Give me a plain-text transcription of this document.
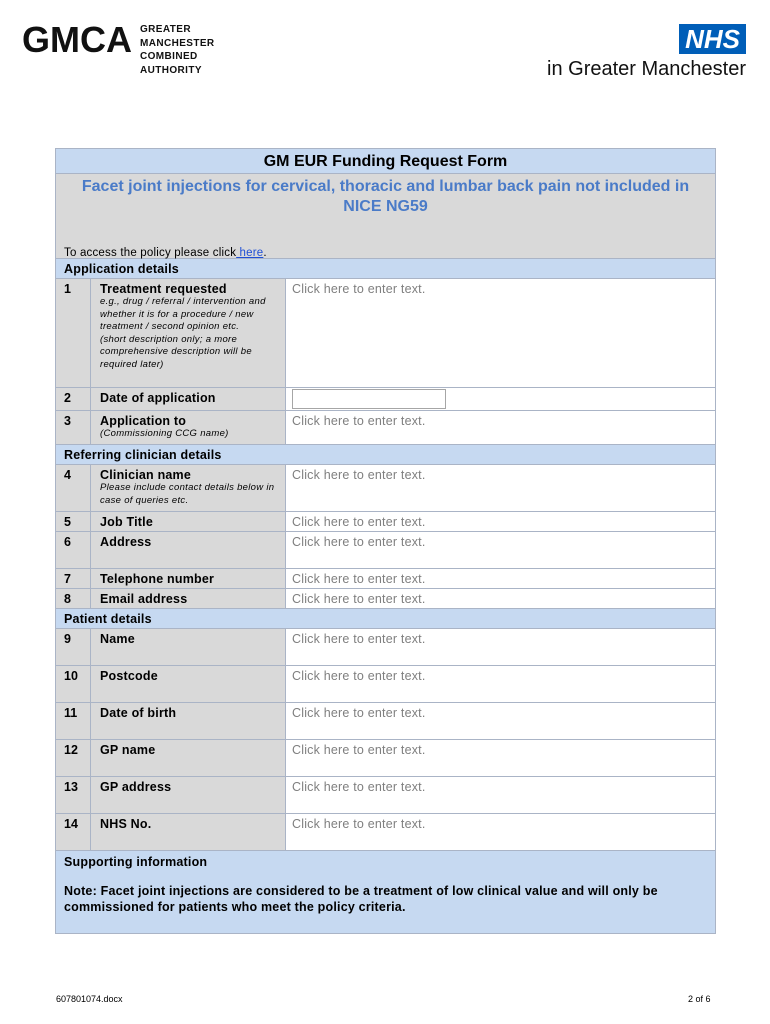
GMCA GREATER
MANCHESTER
COMBINED
AUTHORITY
NHS
in Greater Manchester
GM EUR Funding Request Form
Facet joint injections for cervical, thoracic and lumbar back pain not included in NICE NG59
To access the policy please click here.
Application details
1	Treatment requested
e.g., drug / referral / intervention and whether it is for a procedure / new treatment / second opinion etc.
(short description only; a more comprehensive description will be required later)
Click here to enter text.
2	Date of application
3	Application to
(Commissioning CCG name)
Click here to enter text.
Referring clinician details
4	Clinician name
Please include contact details below in case of queries etc.
Click here to enter text.
5	Job Title	Click here to enter text.
6	Address	Click here to enter text.
7	Telephone number	Click here to enter text.
8	Email address	Click here to enter text.
Patient details
9	Name	Click here to enter text.
10	Postcode	Click here to enter text.
11	Date of birth	Click here to enter text.
12	GP name	Click here to enter text.
13	GP address	Click here to enter text.
14	NHS No.	Click here to enter text.
Supporting information
Note: Facet joint injections are considered to be a treatment of low clinical value and will only be commissioned for patients who meet the policy criteria.
607801074.docx	2 of 6
